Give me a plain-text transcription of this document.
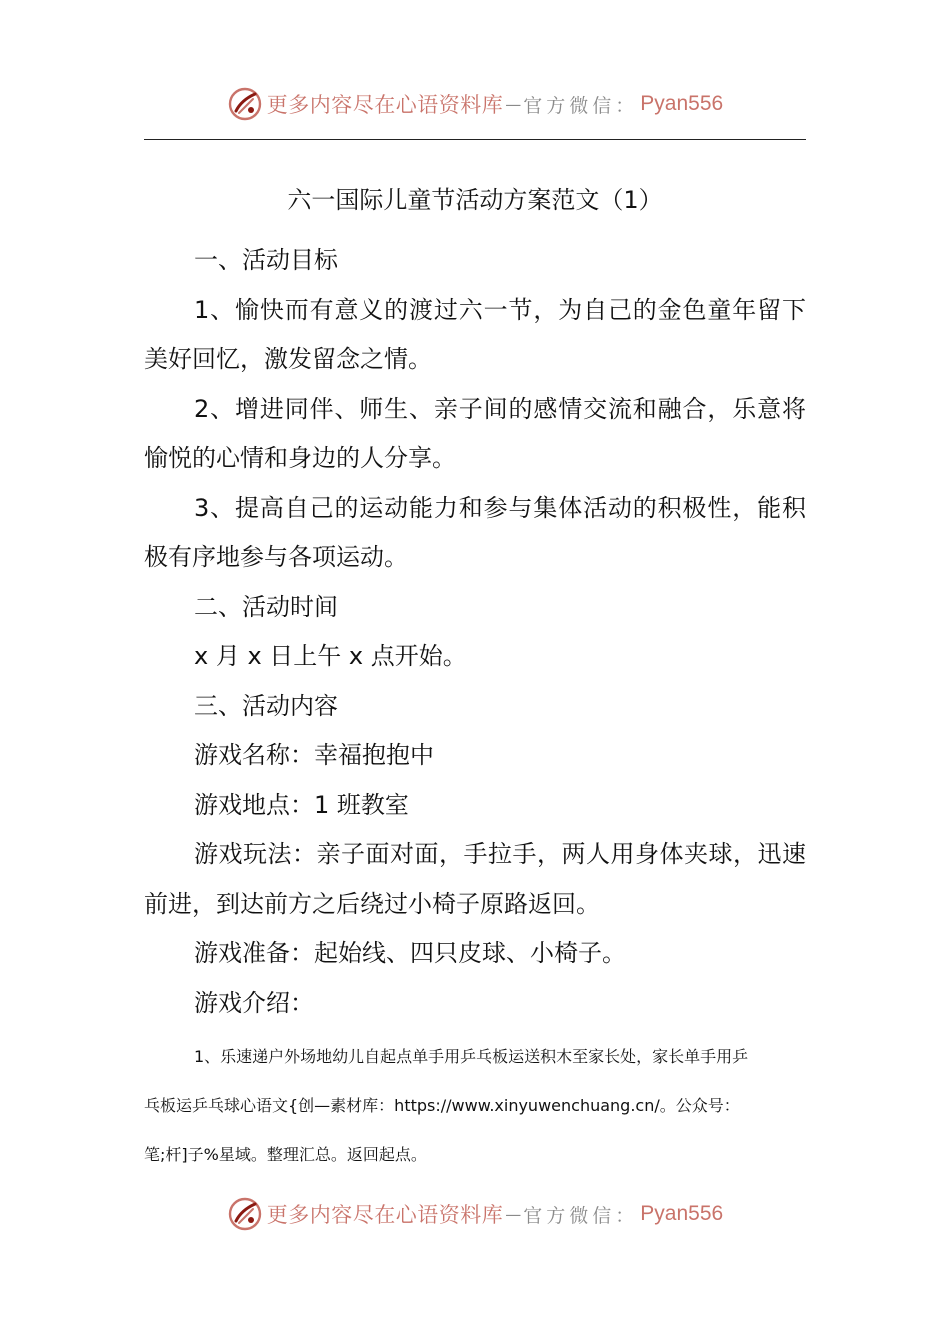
更多内容尽在心语资料库 — 官方微信： Pyan556
六一国际儿童节活动方案范文（1）

一、活动目标

1、愉快而有意义的渡过六一节，为自己的金色童年留下美好回忆，激发留念之情。

2、增进同伴、师生、亲子间的感情交流和融合，乐意将愉悦的心情和身边的人分享。

3、提高自己的运动能力和参与集体活动的积极性，能积极有序地参与各项运动。

二、活动时间

x 月 x 日上午 x 点开始。

三、活动内容

游戏名称：幸福抱抱中

游戏地点：1 班教室

游戏玩法：亲子面对面，手拉手，两人用身体夹球，迅速前进，到达前方之后绕过小椅子原路返回。

游戏准备：起始线、四只皮球、小椅子。

游戏介绍：

1、乐速递户外场地幼儿自起点单手用乒乓板运送积木至家长处，家长单手用乒

乓板运乒乓球心语文{创—素材库：https://www.xinyuwenchuang.cn/。公众号：

笔;杆]子%星域。整理汇总。返回起点。

更多内容尽在心语资料库 — 官方微信： Pyan556
